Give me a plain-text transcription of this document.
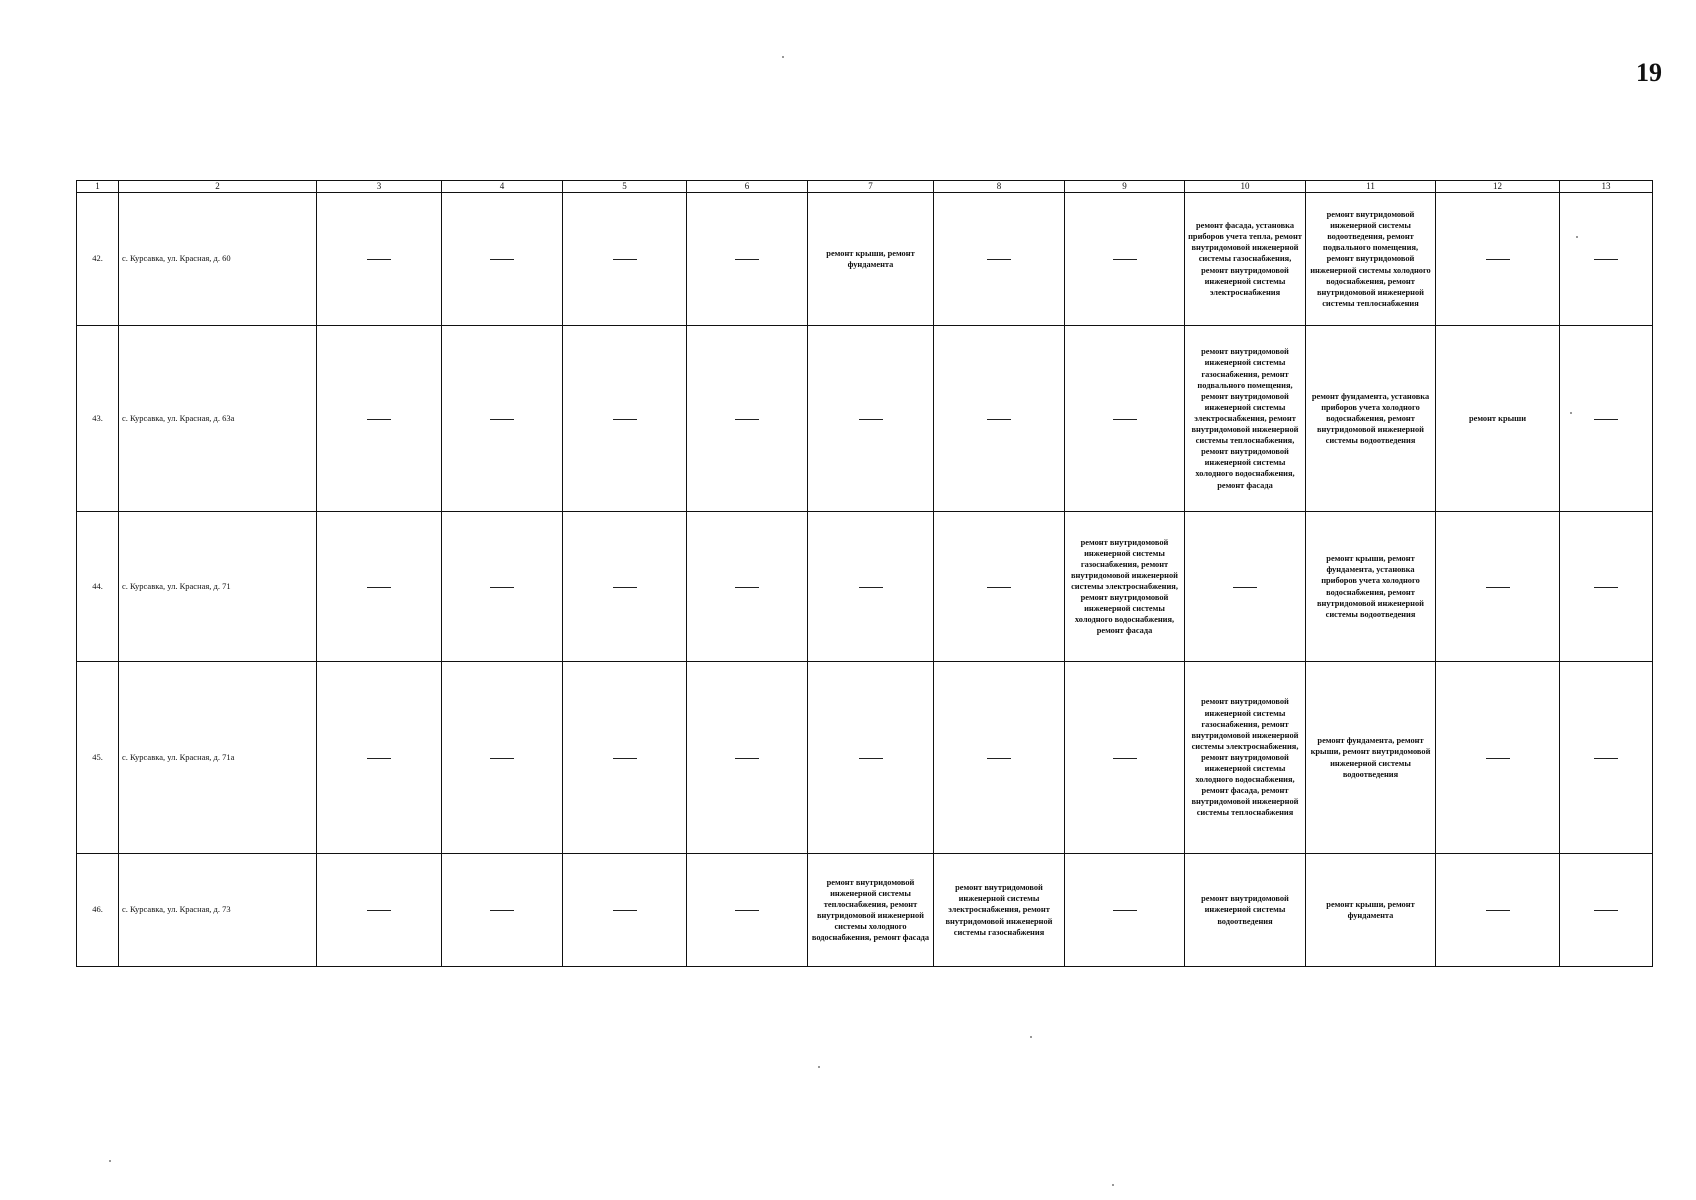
19
1	2	3	4	5	6	7	8	9	10	11	12	13
42.	с. Курсавка, ул. Красная, д. 60					ремонт крыши, ремонт фундамента			ремонт фасада, установка приборов учета тепла, ремонт внутридомовой инженерной системы газоснабжения, ремонт внутридомовой инженерной системы электроснабжения	ремонт внутридомовой инженерной системы водоотведения, ремонт подвального помещения, ремонт внутридомовой инженерной системы холодного водоснабжения, ремонт внутридомовой инженерной системы теплоснабжения		
43.	с. Курсавка, ул. Красная, д. 63а								ремонт внутридомовой инженерной системы газоснабжения, ремонт подвального помещения, ремонт внутридомовой инженерной системы электроснабжения, ремонт внутридомовой инженерной системы теплоснабжения, ремонт внутридомовой инженерной системы холодного водоснабжения, ремонт фасада	ремонт фундамента, установка приборов учета холодного водоснабжения, ремонт внутридомовой инженерной системы водоотведения	ремонт крыши	
44.	с. Курсавка, ул. Красная, д. 71							ремонт внутридомовой инженерной системы газоснабжения, ремонт внутридомовой инженерной системы электроснабжения, ремонт внутридомовой инженерной системы холодного водоснабжения, ремонт фасада		ремонт крыши, ремонт фундамента, установка приборов учета холодного водоснабжения, ремонт внутридомовой инженерной системы водоотведения		
45.	с. Курсавка, ул. Красная, д. 71а								ремонт внутридомовой инженерной системы газоснабжения, ремонт внутридомовой инженерной системы электроснабжения, ремонт внутридомовой инженерной системы холодного водоснабжения, ремонт фасада, ремонт внутридомовой инженерной системы теплоснабжения	ремонт фундамента, ремонт крыши, ремонт внутридомовой инженерной системы водоотведения		
46.	с. Курсавка, ул. Красная, д. 73					ремонт внутридомовой инженерной системы теплоснабжения, ремонт внутридомовой инженерной системы холодного водоснабжения, ремонт фасада	ремонт внутридомовой инженерной системы электроснабжения, ремонт внутридомовой инженерной системы газоснабжения		ремонт внутридомовой инженерной системы водоотведения	ремонт крыши, ремонт фундамента		
